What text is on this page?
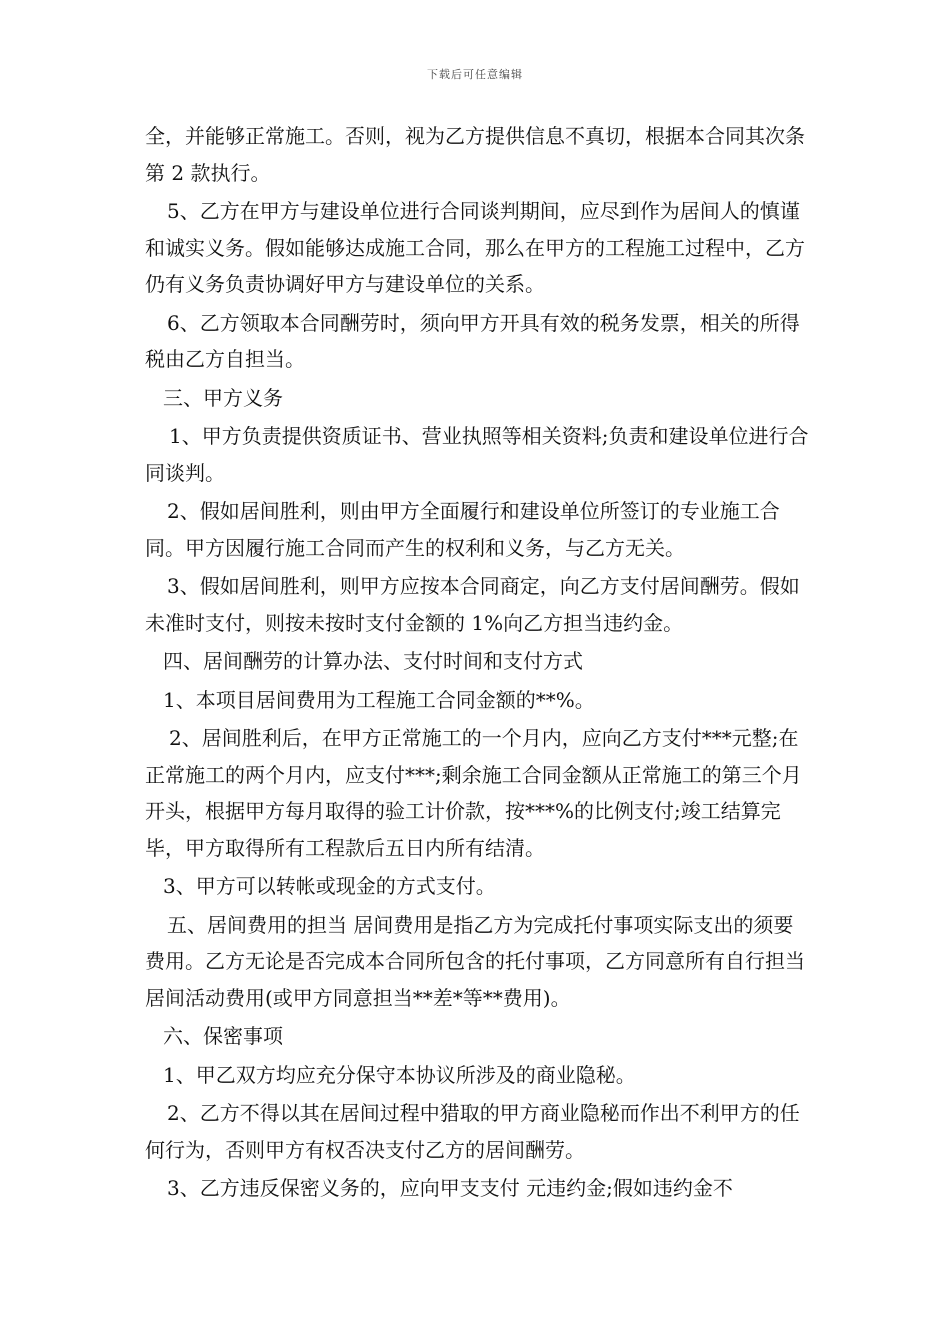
下载后可任意编辑

全，并能够正常施工。否则，视为乙方提供信息不真切，根据本合同其次条第 2 款执行。

5、乙方在甲方与建设单位进行合同谈判期间，应尽到作为居间人的慎谨和诚实义务。假如能够达成施工合同，那么在甲方的工程施工过程中，乙方仍有义务负责协调好甲方与建设单位的关系。

6、乙方领取本合同酬劳时，须向甲方开具有效的税务发票，相关的所得税由乙方自担当。

三、甲方义务

1、甲方负责提供资质证书、营业执照等相关资料;负责和建设单位进行合同谈判。

2、假如居间胜利，则由甲方全面履行和建设单位所签订的专业施工合同。甲方因履行施工合同而产生的权利和义务，与乙方无关。

3、假如居间胜利，则甲方应按本合同商定，向乙方支付居间酬劳。假如未准时支付，则按未按时支付金额的 1%向乙方担当违约金。

四、居间酬劳的计算办法、支付时间和支付方式

1、本项目居间费用为工程施工合同金额的**%。

2、居间胜利后，在甲方正常施工的一个月内，应向乙方支付***元整;在正常施工的两个月内，应支付***;剩余施工合同金额从正常施工的第三个月开头，根据甲方每月取得的验工计价款，按***%的比例支付;竣工结算完毕，甲方取得所有工程款后五日内所有结清。

3、甲方可以转帐或现金的方式支付。

五、居间费用的担当 居间费用是指乙方为完成托付事项实际支出的须要费用。乙方无论是否完成本合同所包含的托付事项，乙方同意所有自行担当居间活动费用(或甲方同意担当**差*等**费用)。

六、保密事项

1、甲乙双方均应充分保守本协议所涉及的商业隐秘。

2、乙方不得以其在居间过程中猎取的甲方商业隐秘而作出不利甲方的任何行为，否则甲方有权否决支付乙方的居间酬劳。

3、乙方违反保密义务的，应向甲支支付 元违约金;假如违约金不
